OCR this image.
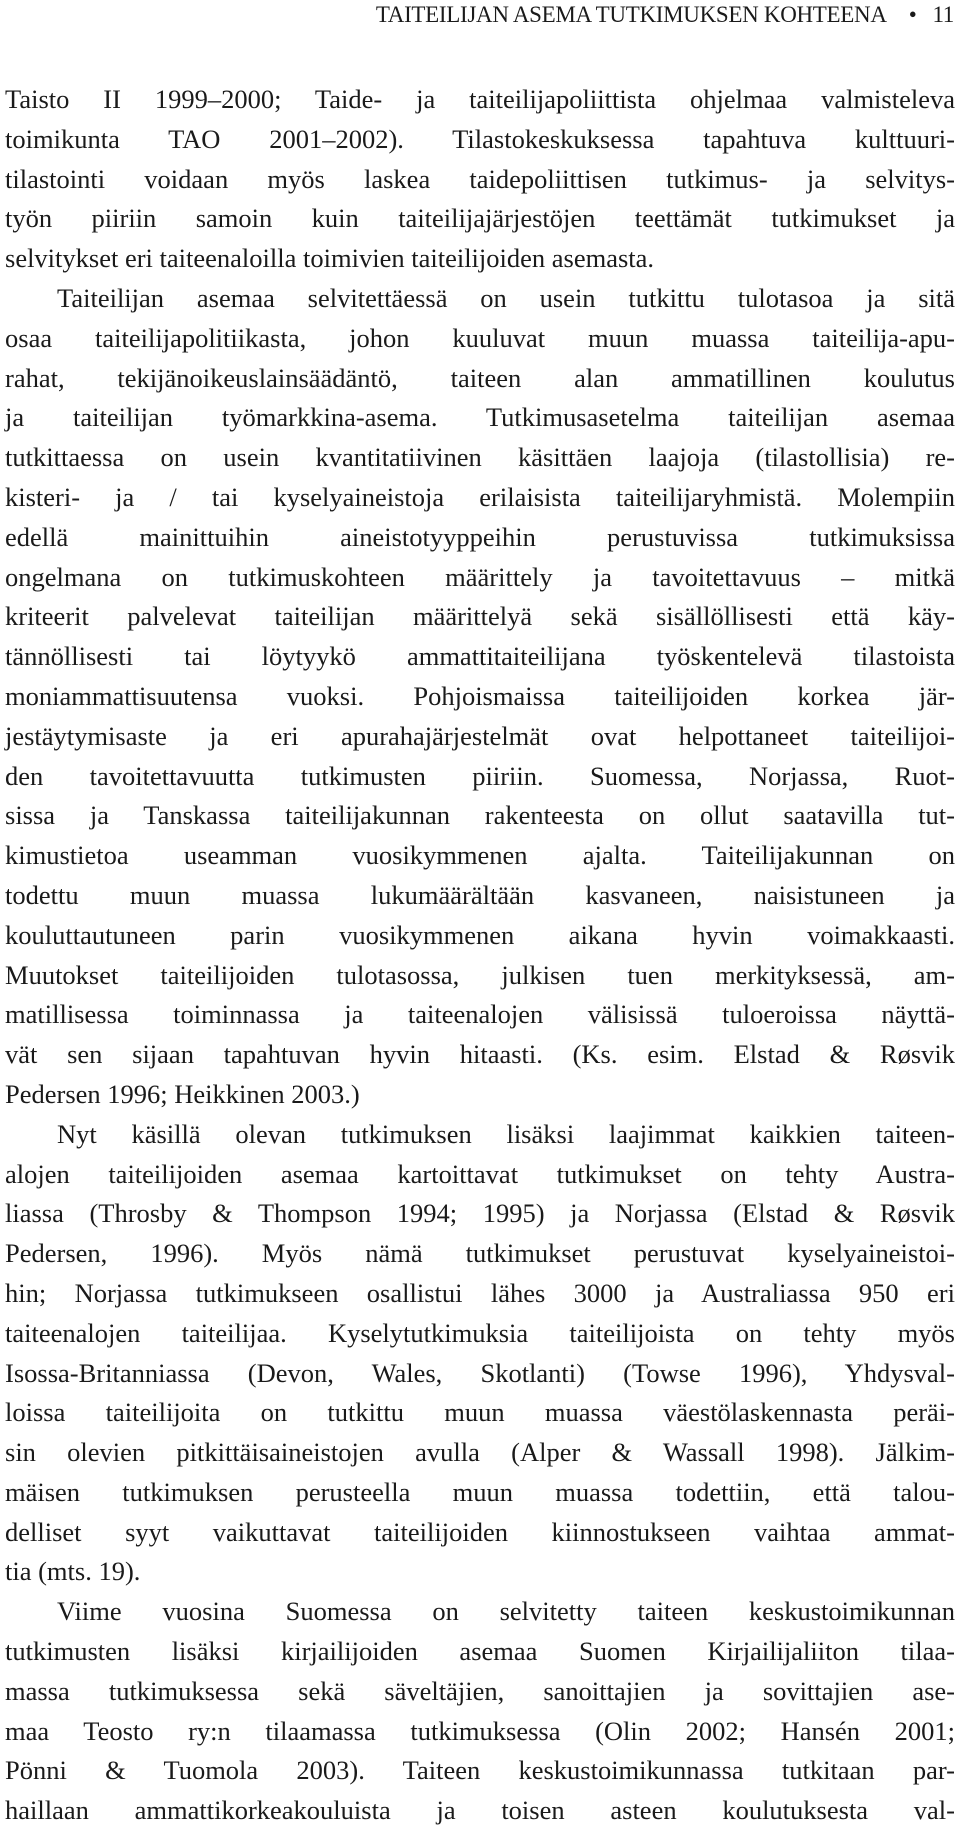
TAITEILIJAN ASEMA TUTKIMUKSEN KOHTEENA • 11
Taisto II 1999–2000; Taide- ja taiteilijapoliittista ohjelmaa valmisteleva
toimikunta TAO 2001–2002). Tilastokeskuksessa tapahtuva kulttuuri-
tilastointi voidaan myös laskea taidepoliittisen tutkimus- ja selvitys-
työn piiriin samoin kuin taiteilijajärjestöjen teettämät tutkimukset ja
selvitykset eri taiteenaloilla toimivien taiteilijoiden asemasta.
Taiteilijan asemaa selvitettäessä on usein tutkittu tulotasoa ja sitä
osaa taiteilijapolitiikasta, johon kuuluvat muun muassa taiteilija-apu-
rahat, tekijänoikeuslainsäädäntö, taiteen alan ammatillinen koulutus
ja taiteilijan työmarkkina-asema. Tutkimusasetelma taiteilijan asemaa
tutkittaessa on usein kvantitatiivinen käsittäen laajoja (tilastollisia) re-
kisteri- ja / tai kyselyaineistoja erilaisista taiteilijaryhmistä. Molempiin
edellä mainittuihin aineistotyyppeihin perustuvissa tutkimuksissa
ongelmana on tutkimuskohteen määrittely ja tavoitettavuus – mitkä
kriteerit palvelevat taiteilijan määrittelyä sekä sisällöllisesti että käy-
tännöllisesti tai löytyykö ammattitaiteilijana työskentelevä tilastoista
moniammattisuutensa vuoksi. Pohjoismaissa taiteilijoiden korkea jär-
jestäytymisaste ja eri apurahajärjestelmät ovat helpottaneet taiteilijoi-
den tavoitettavuutta tutkimusten piiriin. Suomessa, Norjassa, Ruot-
sissa ja Tanskassa taiteilijakunnan rakenteesta on ollut saatavilla tut-
kimustietoa useamman vuosikymmenen ajalta. Taiteilijakunnan on
todettu muun muassa lukumäärältään kasvaneen, naisistuneen ja
kouluttautuneen parin vuosikymmenen aikana hyvin voimakkaasti.
Muutokset taiteilijoiden tulotasossa, julkisen tuen merkityksessä, am-
matillisessa toiminnassa ja taiteenalojen välisissä tuloeroissa näyttä-
vät sen sijaan tapahtuvan hyvin hitaasti. (Ks. esim. Elstad & Røsvik
Pedersen 1996; Heikkinen 2003.)
Nyt käsillä olevan tutkimuksen lisäksi laajimmat kaikkien taiteen-
alojen taiteilijoiden asemaa kartoittavat tutkimukset on tehty Austra-
liassa (Throsby & Thompson 1994; 1995) ja Norjassa (Elstad & Røsvik
Pedersen, 1996). Myös nämä tutkimukset perustuvat kyselyaineistoi-
hin; Norjassa tutkimukseen osallistui lähes 3000 ja Australiassa 950 eri
taiteenalojen taiteilijaa. Kyselytutkimuksia taiteilijoista on tehty myös
Isossa-Britanniassa (Devon, Wales, Skotlanti) (Towse 1996), Yhdysval-
loissa taiteilijoita on tutkittu muun muassa väestölaskennasta peräi-
sin olevien pitkittäisaineistojen avulla (Alper & Wassall 1998). Jälkim-
mäisen tutkimuksen perusteella muun muassa todettiin, että talou-
delliset syyt vaikuttavat taiteilijoiden kiinnostukseen vaihtaa ammat-
tia (mts. 19).
Viime vuosina Suomessa on selvitetty taiteen keskustoimikunnan
tutkimusten lisäksi kirjailijoiden asemaa Suomen Kirjailijaliiton tilaa-
massa tutkimuksessa sekä säveltäjien, sanoittajien ja sovittajien ase-
maa Teosto ry:n tilaamassa tutkimuksessa (Olin 2002; Hansén 2001;
Pönni & Tuomola 2003). Taiteen keskustoimikunnassa tutkitaan par-
haillaan ammattikorkeakouluista ja toisen asteen koulutuksesta val-
